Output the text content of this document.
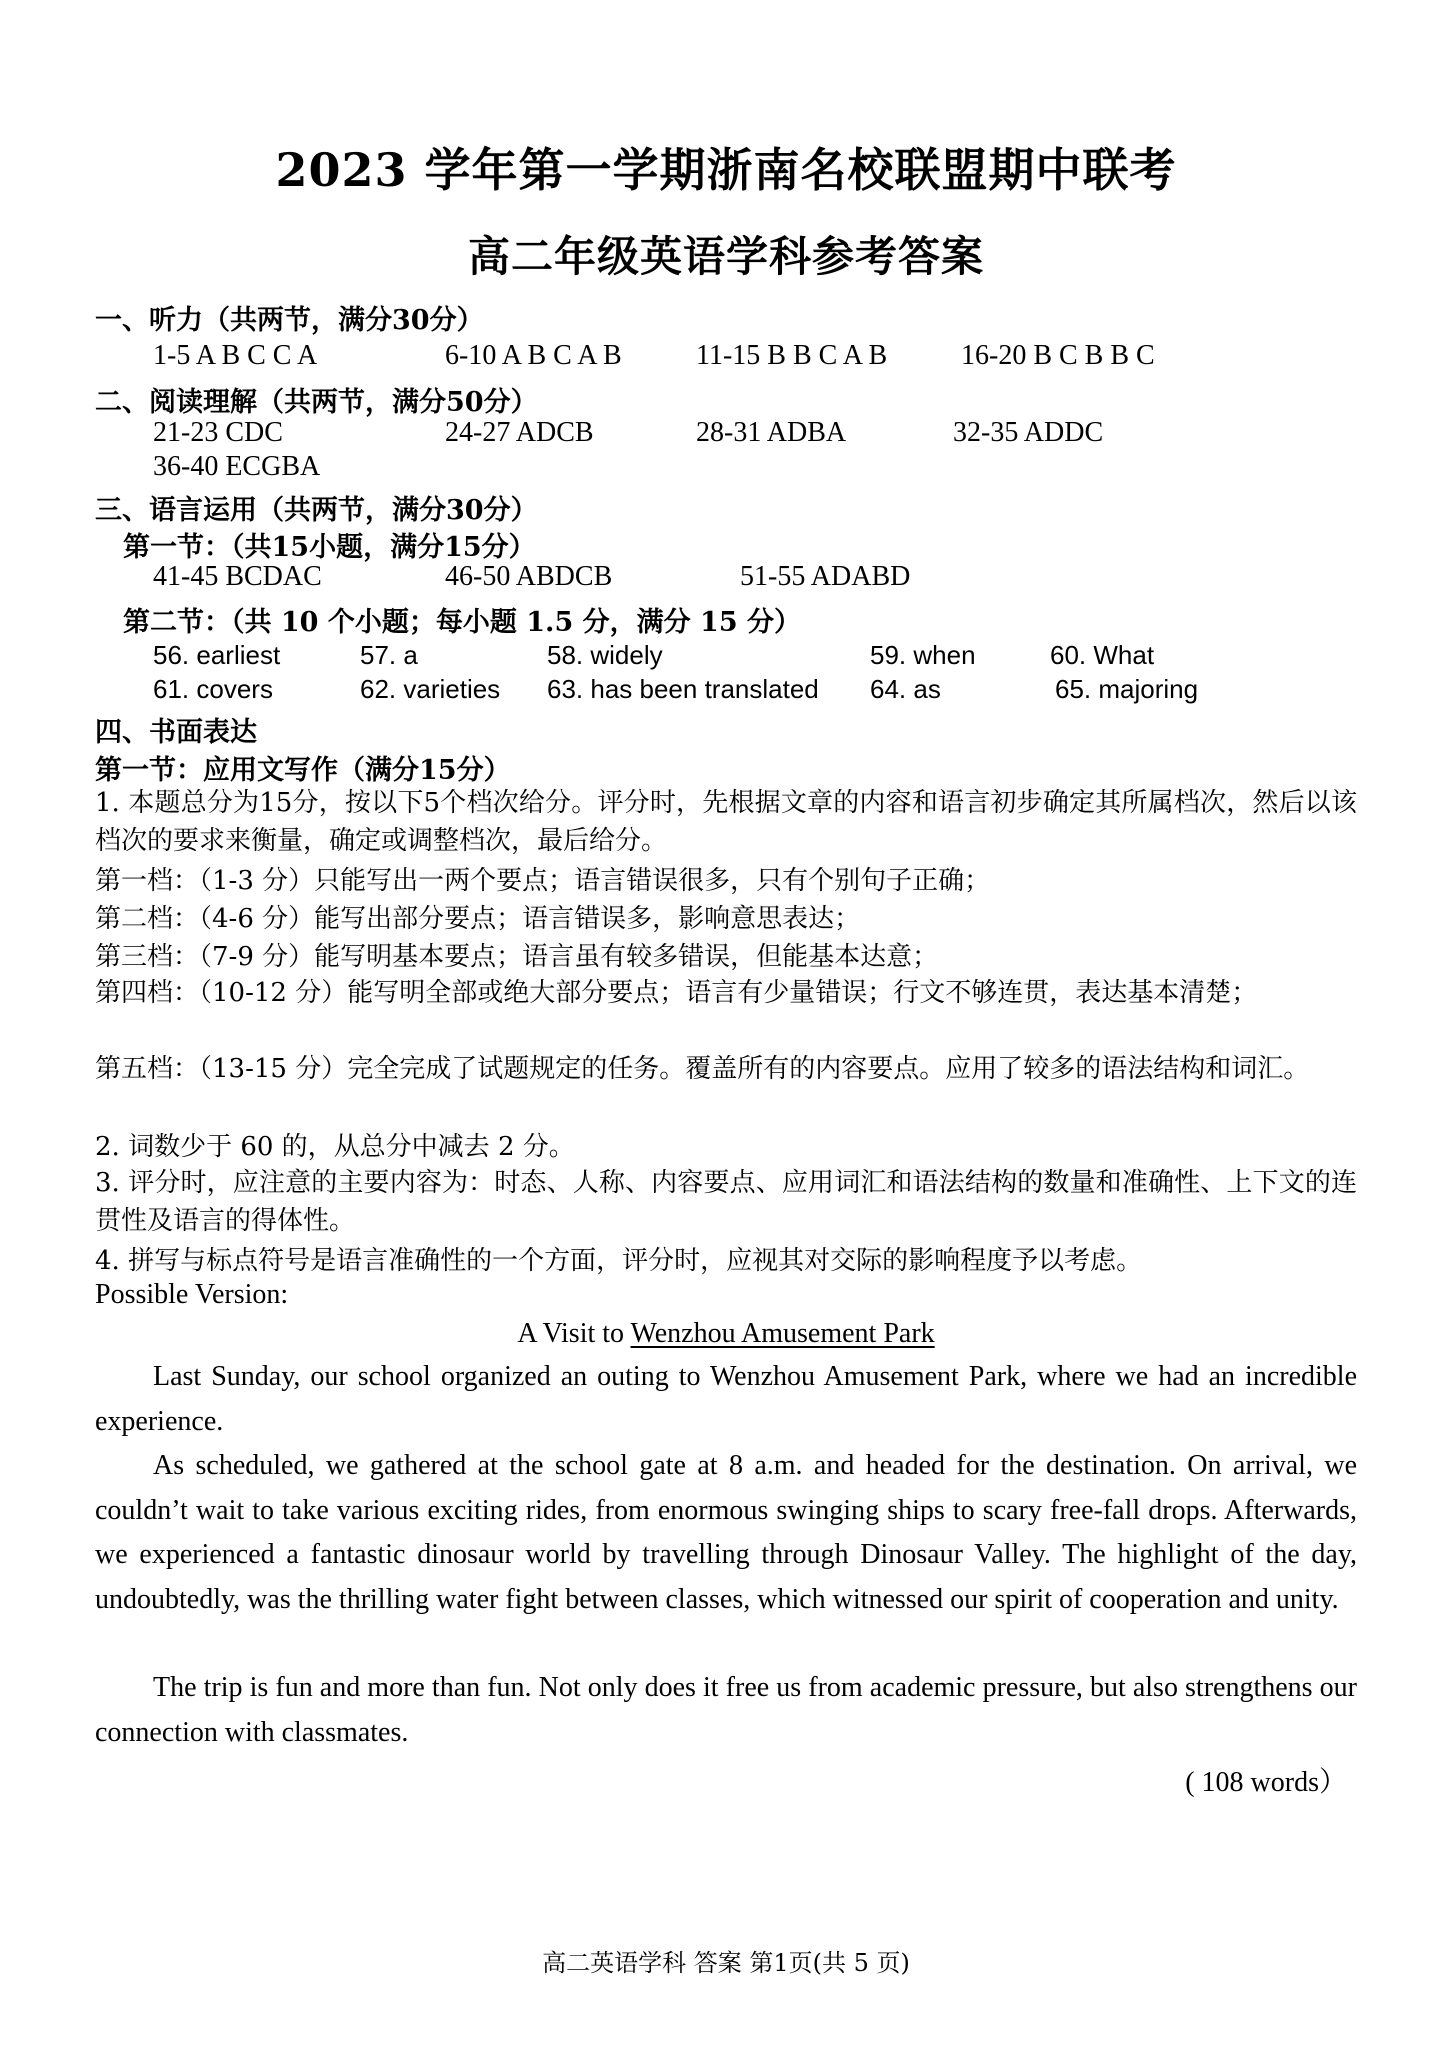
2023 学年第一学期浙南名校联盟期中联考
高二年级英语学科参考答案
一、听力（共两节，满分30分）
1-5 A B C C A	6-10 A B C A B	11-15 B B C A B	16-20 B C B B C
二、阅读理解（共两节，满分50分）
21-23 CDC	24-27 ADCB	28-31 ADBA	32-35 ADDC
36-40 ECGBA
三、语言运用（共两节，满分30分）
第一节：（共15小题，满分15分）
41-45 BCDAC	46-50 ABDCB	51-55 ADABD
第二节：（共 10 个小题；每小题 1.5 分，满分 15 分）
56. earliest	57. a	58. widely	59. when	60. What
61. covers	62. varieties 63. has been translated 64. as	65. majoring
四、书面表达
第一节：应用文写作（满分15分）
1. 本题总分为15分，按以下5个档次给分。评分时，先根据文章的内容和语言初步确定其所属档次，然后以该档次的要求来衡量，确定或调整档次，最后给分。
第一档：（1-3 分）只能写出一两个要点；语言错误很多，只有个别句子正确；
第二档：（4-6 分）能写出部分要点；语言错误多，影响意思表达；
第三档：（7-9 分）能写明基本要点；语言虽有较多错误，但能基本达意；
第四档：（10-12 分）能写明全部或绝大部分要点；语言有少量错误；行文不够连贯，表达基本清楚；
第五档：（13-15 分）完全完成了试题规定的任务。覆盖所有的内容要点。应用了较多的语法结构和词汇。
2. 词数少于 60 的，从总分中减去 2 分。
3. 评分时，应注意的主要内容为：时态、人称、内容要点、应用词汇和语法结构的数量和准确性、上下文的连贯性及语言的得体性。
4. 拼写与标点符号是语言准确性的一个方面，评分时，应视其对交际的影响程度予以考虑。
Possible Version:
A Visit to Wenzhou Amusement Park
Last Sunday, our school organized an outing to Wenzhou Amusement Park, where we had an incredible experience.
As scheduled, we gathered at the school gate at 8 a.m. and headed for the destination. On arrival, we couldn’t wait to take various exciting rides, from enormous swinging ships to scary free-fall drops. Afterwards, we experienced a fantastic dinosaur world by travelling through Dinosaur Valley. The highlight of the day, undoubtedly, was the thrilling water fight between classes, which witnessed our spirit of cooperation and unity.
The trip is fun and more than fun. Not only does it free us from academic pressure, but also strengthens our connection with classmates.
( 108 words）
高二英语学科 答案 第1页(共 5 页)
